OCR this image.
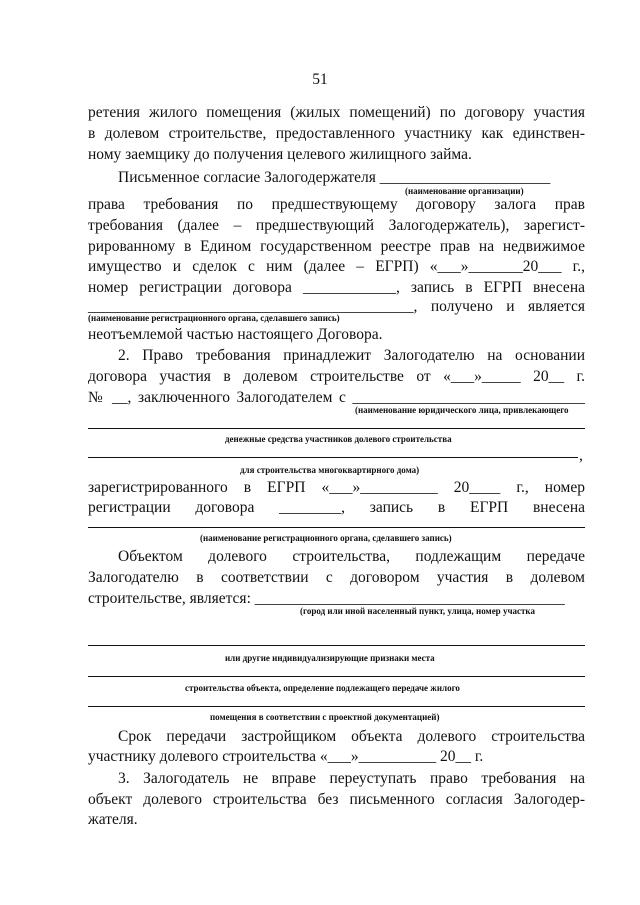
51
ретения жилого помещения (жилых помещений) по договору участия
в долевом строительстве, предоставленного участнику как единствен-
ному заемщику до получения целевого жилищного займа.
Письменное согласие Залогодержателя ______________________
(наименование организации)
права требования по предшествующему договору залога прав
требования (далее – предшествующий Залогодержатель), зарегист-
рированному в Едином государственном реестре прав на недвижимое
имущество и сделок с ним (далее – ЕГРП) «___»_______20___ г.,
номер регистрации договора ____________, запись в ЕГРП внесена
__________________________________________, получено и является
(наименование регистрационного органа, сделавшего запись)
неотъемлемой частью настоящего Договора.
2. Право требования принадлежит Залогодателю на основании
договора участия в долевом строительстве от «___»_____ 20__ г.
№ __, заключенного Залогодателем с ______________________________
(наименование юридического лица, привлекающего
денежные средства участников долевого строительства
,
для строительства многоквартирного дома)
зарегистрированного в ЕГРП «___»__________ 20____ г., номер
регистрации договора ________, запись в ЕГРП внесена
(наименование регистрационного органа, сделавшего запись)
Объектом долевого строительства, подлежащим передаче
Залогодателю в соответствии с договором участия в долевом
строительстве, является: ________________________________________
(город или иной населенный пункт, улица, номер участка
или другие индивидуализирующие признаки места
строительства объекта, определение подлежащего передаче жилого
помещения в соответствии с проектной документацией)
Срок передачи застройщиком объекта долевого строительства
участнику долевого строительства «___»__________ 20__ г.
3. Залогодатель не вправе переуступать право требования на
объект долевого строительства без письменного согласия Залогодер-
жателя.
